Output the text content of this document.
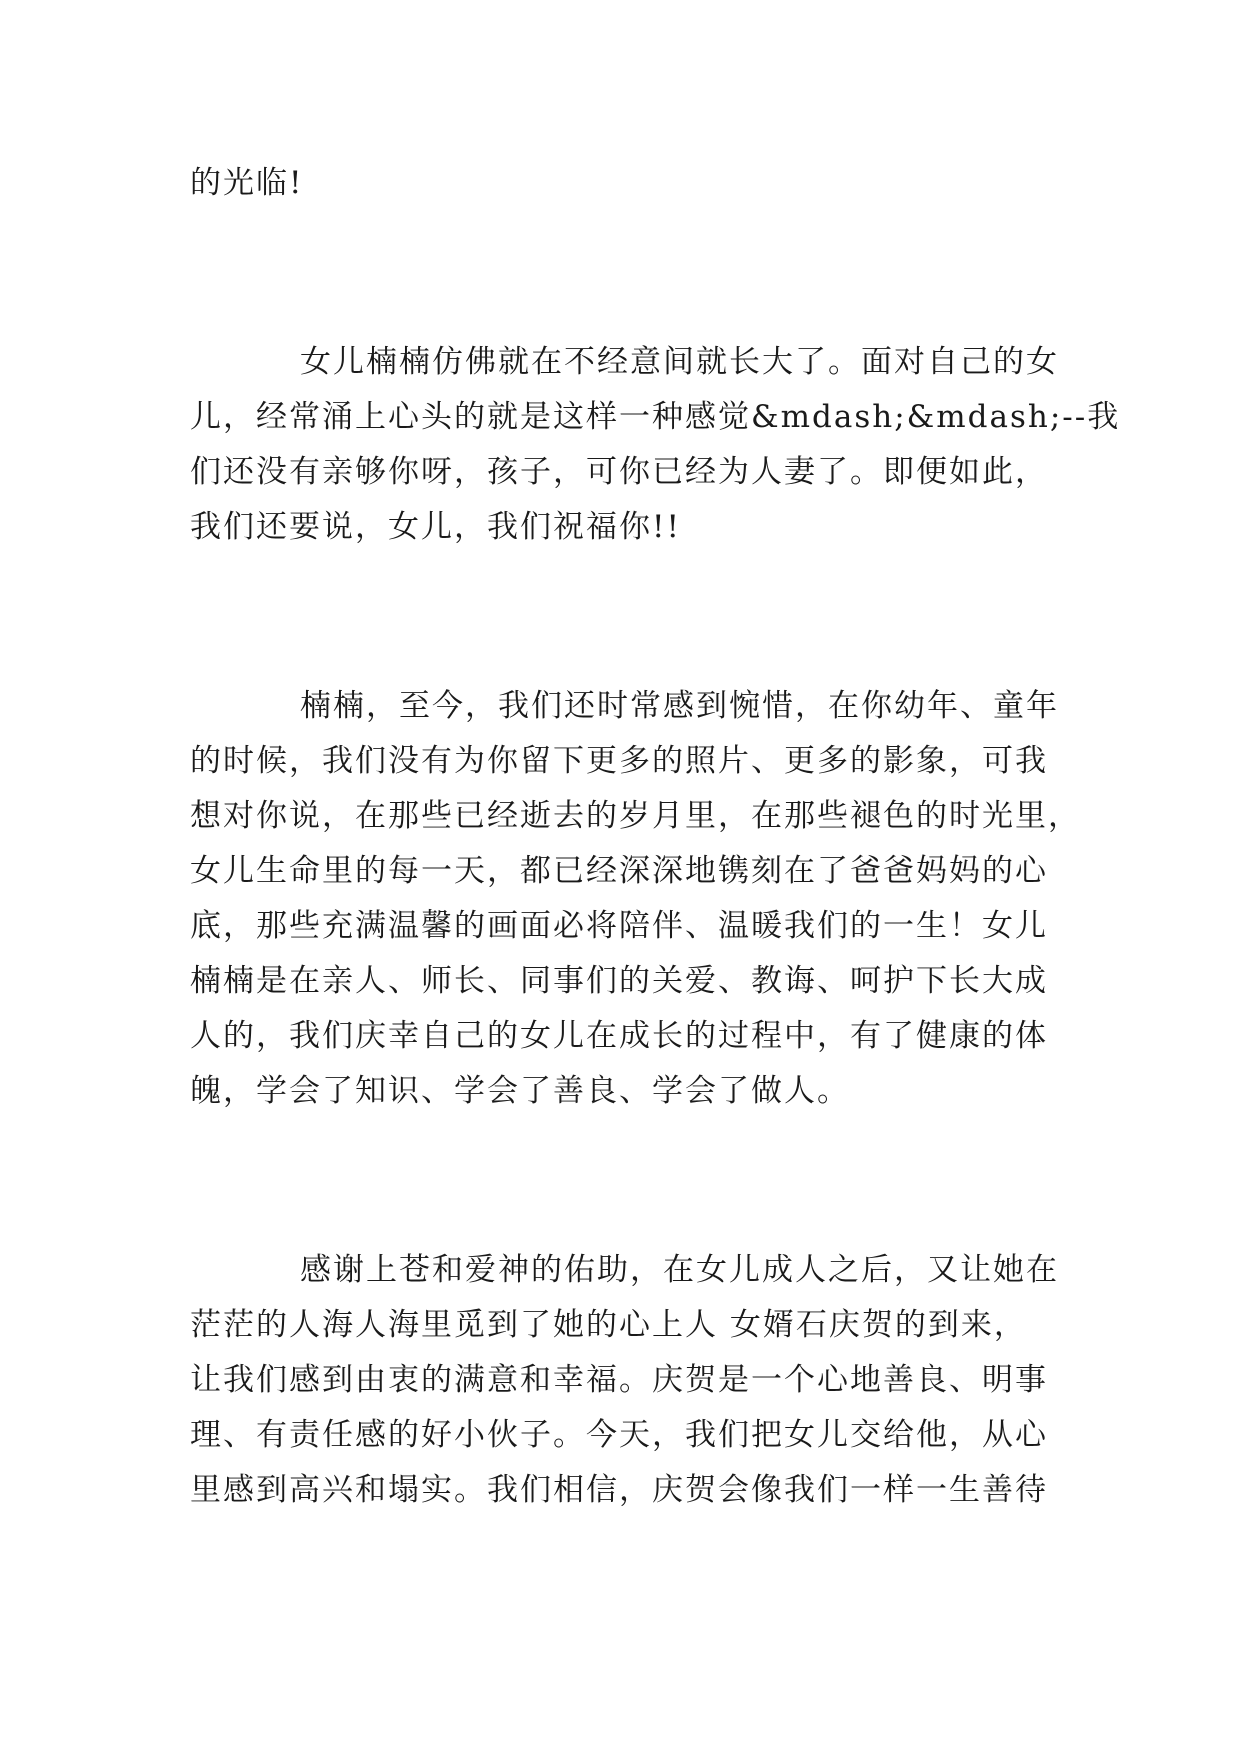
的光临!
女儿楠楠仿佛就在不经意间就长大了。面对自己的女
儿，经常涌上心头的就是这样一种感觉&mdash;&mdash;--我
们还没有亲够你呀，孩子，可你已经为人妻了。即便如此，
我们还要说，女儿，我们祝福你!!
楠楠，至今，我们还时常感到惋惜，在你幼年、童年
的时候，我们没有为你留下更多的照片、更多的影象，可我
想对你说，在那些已经逝去的岁月里，在那些褪色的时光里，
女儿生命里的每一天，都已经深深地镌刻在了爸爸妈妈的心
底，那些充满温馨的画面必将陪伴、温暖我们的一生！女儿
楠楠是在亲人、师长、同事们的关爱、教诲、呵护下长大成
人的，我们庆幸自己的女儿在成长的过程中，有了健康的体
魄，学会了知识、学会了善良、学会了做人。
感谢上苍和爱神的佑助，在女儿成人之后，又让她在
茫茫的人海人海里觅到了她的心上人 女婿石庆贺的到来，
让我们感到由衷的满意和幸福。庆贺是一个心地善良、明事
理、有责任感的好小伙子。今天，我们把女儿交给他，从心
里感到高兴和塌实。我们相信，庆贺会像我们一样一生善待
